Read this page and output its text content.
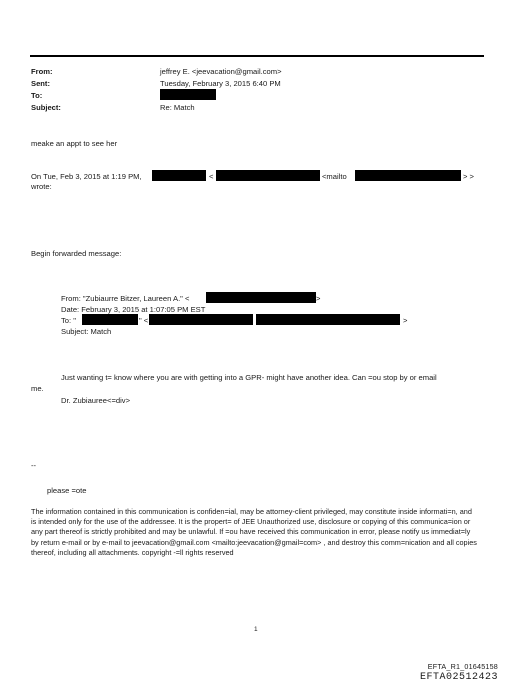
From:	jeffrey E. <jeevacation@gmail.com>
Sent:	Tuesday, February 3, 2015 6:40 PM
To:
Subject:	Re: Match
meake an appt to see her
On Tue, Feb 3, 2015 at 1:19 PM,	<	<mailto	> >
wrote:
Begin forwarded message:
From: "Zubiaurre Bitzer, Laureen A." <	>
Date: February 3, 2015 at 1:07:05 PM EST
To: "	" <	>
Subject: Match
Just wanting t= know where you are with getting into a GPR- might have another idea. Can =ou stop by or email
me.
Dr. Zubiauree<=div>
--
please =ote
The information contained in this communication is confiden=ial, may be attorney-client privileged, may constitute inside informati=n, and is intended only for the use of the addressee. It is the propert= of JEE Unauthorized use, disclosure or copying of this communica=ion or any part thereof is strictly prohibited and may be unlawful. If =ou have received this communication in error, please notify us immediat=ly by return e-mail or by e-mail to jeevacation@gmail.com <mailto:jeevacation@gmail=com> , and destroy this comm=nication and all copies thereof, including all attachments. copyright -=ll rights reserved
1
EFTA_R1_01645158
EFTA02512423
